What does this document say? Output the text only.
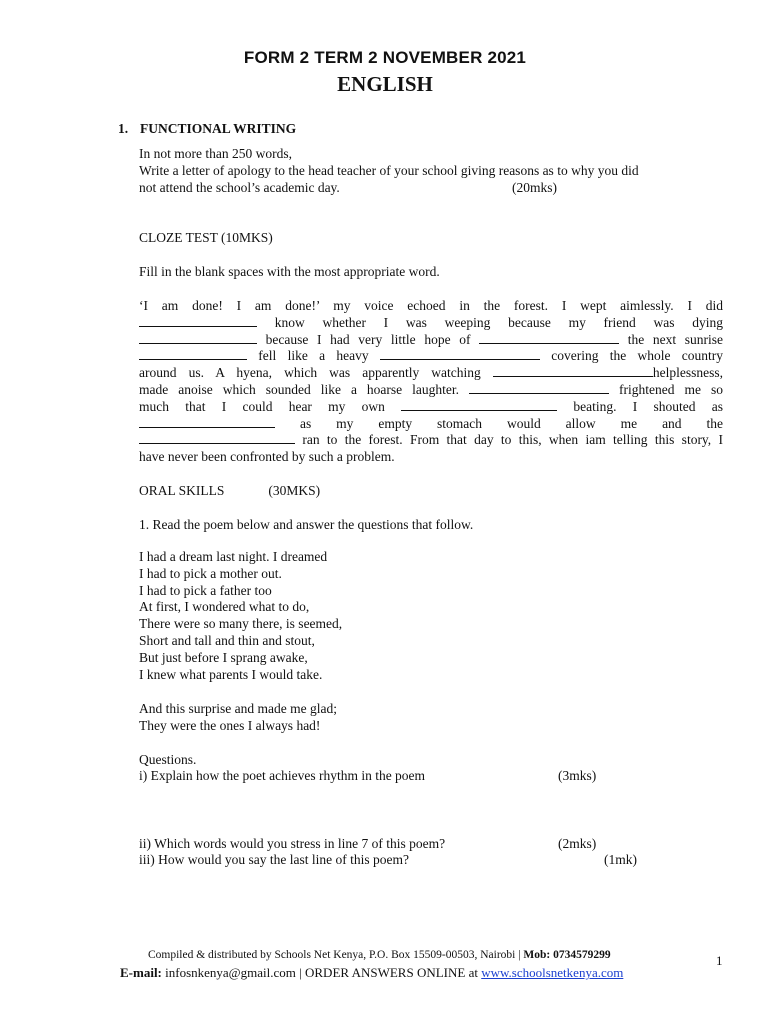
FORM 2 TERM 2 NOVEMBER 2021
ENGLISH
1. FUNCTIONAL WRITING
In not more than 250 words,
Write a letter of apology to the head teacher of your school giving reasons as to why you did
not attend the school’s academic day.	(20mks)
CLOZE TEST (10MKS)
Fill in the blank spaces with the most appropriate word.
‘I am done! I am done!’ my voice echoed in the forest. I wept aimlessly. I did
know whether I was weeping because my friend was dying
because I had very little hope of	the next sunrise
fell like a heavy	covering the whole country
around us. A hyena, which was apparently watching	helplessness,
made anoise which sounded like a hoarse laughter.	frightened me so
much that I could hear my own	beating. I shouted as
as my empty stomach would allow me and the
ran to the forest. From that day to this, when iam telling this story, I
have never been confronted by such a problem.
ORAL SKILLS	(30MKS)
1. Read the poem below and answer the questions that follow.
I had a dream last night. I dreamed
I had to pick a mother out.
I had to pick a father too
At first, I wondered what to do,
There were so many there, is seemed,
Short and tall and thin and stout,
But just before I sprang awake,
I knew what parents I would take.
And this surprise and made me glad;
They were the ones I always had!
Questions.
i) Explain how the poet achieves rhythm in the poem	(3mks)
ii) Which words would you stress in line 7 of this poem?	(2mks)
iii) How would you say the last line of this poem?	(1mk)
Compiled & distributed by Schools Net Kenya, P.O. Box 15509-00503, Nairobi | Mob: 0734579299
E-mail: infosnkenya@gmail.com | ORDER ANSWERS ONLINE at www.schoolsnetkenya.com
1
